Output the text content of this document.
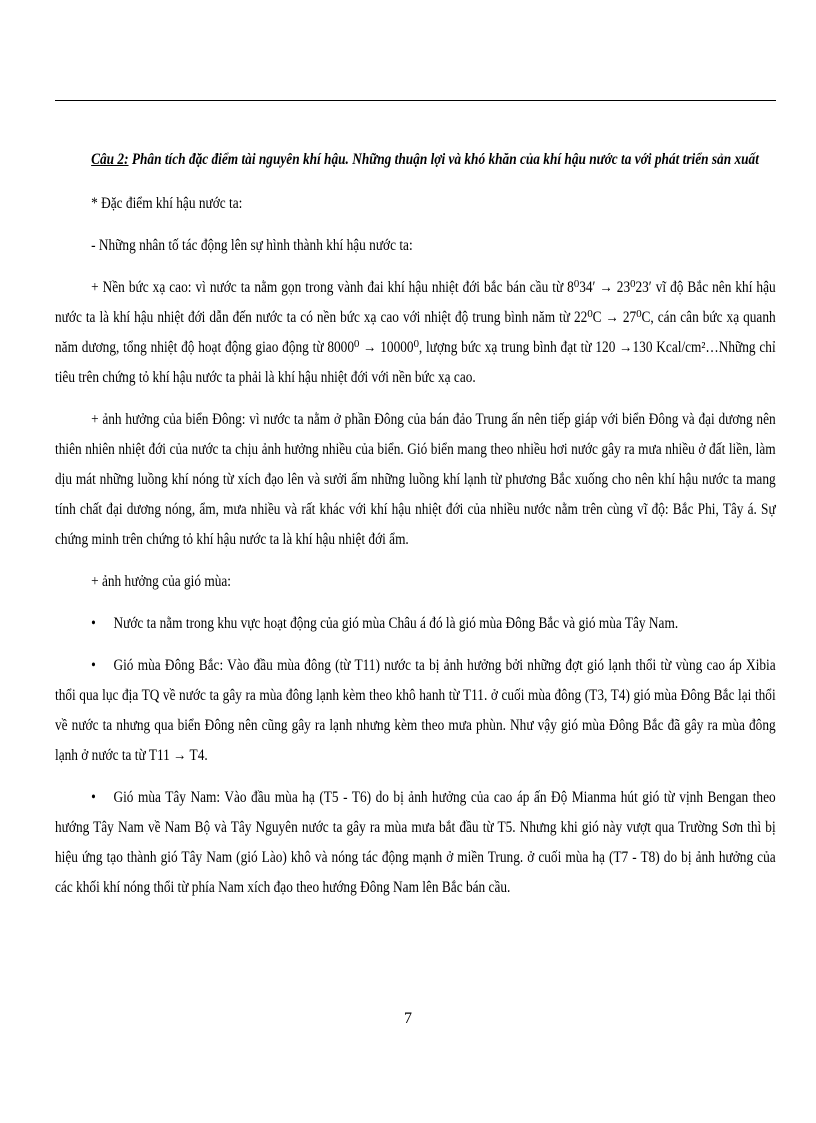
Câu 2: Phân tích đặc điểm tài nguyên khí hậu. Những thuận lợi và khó khăn của khí hậu nước ta với phát triển sản xuất

* Đặc điểm khí hậu nước ta:

- Những nhân tố tác động lên sự hình thành khí hậu nước ta:

+ Nền bức xạ cao: vì nước ta nằm gọn trong vành đai khí hậu nhiệt đới bắc bán cầu từ 8⁰34′ → 23⁰23′ vĩ độ Bắc nên khí hậu nước ta là khí hậu nhiệt đới dẫn đến nước ta có nền bức xạ cao với nhiệt độ trung bình năm từ 22⁰C → 27⁰C, cán cân bức xạ quanh năm dương, tổng nhiệt độ hoạt động giao động từ 8000⁰ → 10000⁰, lượng bức xạ trung bình đạt từ 120 →130 Kcal/cm²…Những chỉ tiêu trên chứng tỏ khí hậu nước ta phải là khí hậu nhiệt đới với nền bức xạ cao.

+ ảnh hưởng của biển Đông: vì nước ta nằm ở phần Đông của bán đảo Trung ấn nên tiếp giáp với biển Đông và đại dương nên thiên nhiên nhiệt đới của nước ta chịu ảnh hưởng nhiều của biển. Gió biển mang theo nhiều hơi nước gây ra mưa nhiều ở đất liền, làm dịu mát những luồng khí nóng từ xích đạo lên và sưởi ấm những luồng khí lạnh từ phương Bắc xuống cho nên khí hậu nước ta mang tính chất đại dương nóng, ẩm, mưa nhiều và rất khác với khí hậu nhiệt đới của nhiều nước nằm trên cùng vĩ độ: Bắc Phi, Tây á. Sự chứng minh trên chứng tỏ khí hậu nước ta là khí hậu nhiệt đới ẩm.

+ ảnh hưởng của gió mùa:

• Nước ta nằm trong khu vực hoạt động của gió mùa Châu á đó là gió mùa Đông Bắc và gió mùa Tây Nam.

• Gió mùa Đông Bắc: Vào đầu mùa đông (từ T11) nước ta bị ảnh hưởng bởi những đợt gió lạnh thổi từ vùng cao áp Xibia thổi qua lục địa TQ về nước ta gây ra mùa đông lạnh kèm theo khô hanh từ T11. ở cuối mùa đông (T3, T4) gió mùa Đông Bắc lại thổi về nước ta nhưng qua biển Đông nên cũng gây ra lạnh nhưng kèm theo mưa phùn. Như vậy gió mùa Đông Bắc đã gây ra mùa đông lạnh ở nước ta từ T11 → T4.

• Gió mùa Tây Nam: Vào đầu mùa hạ (T5 - T6) do bị ảnh hưởng của cao áp ấn Độ Mianma hút gió từ vịnh Bengan theo hướng Tây Nam về Nam Bộ và Tây Nguyên nước ta gây ra mùa mưa bắt đầu từ T5. Nhưng khi gió này vượt qua Trường Sơn thì bị hiệu ứng tạo thành gió Tây Nam (gió Lào) khô và nóng tác động mạnh ở miền Trung. ở cuối mùa hạ (T7 - T8) do bị ảnh hưởng của các khối khí nóng thổi từ phía Nam xích đạo theo hướng Đông Nam lên Bắc bán cầu.

7
